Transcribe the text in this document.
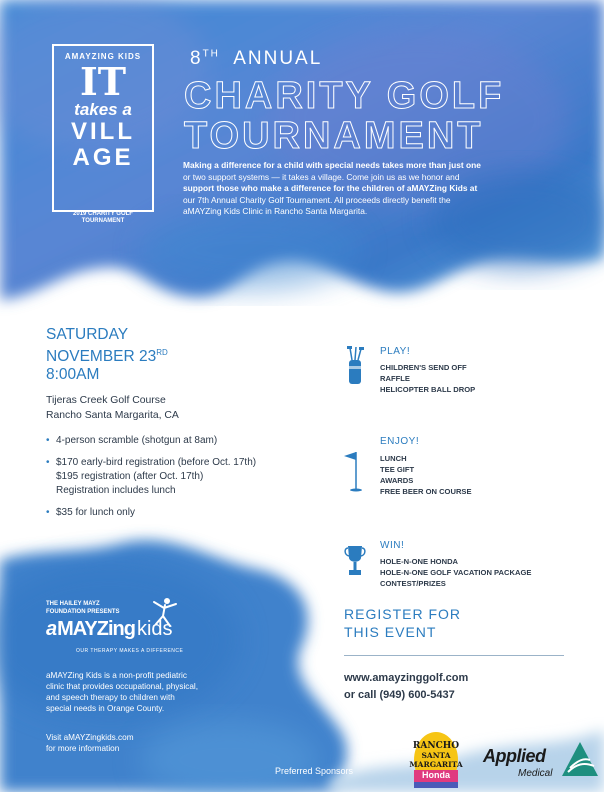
AMAYZING KIDS
IT
takes a
VILL
AGE
2019 CHARITY GOLF
TOURNAMENT
8TH ANNUAL
CHARITY GOLF
TOURNAMENT
Making a difference for a child with special needs takes more than just one
or two support systems — it takes a village. Come join us as we honor and
support those who make a difference for the children of aMAYZing Kids at
our 7th Annual Charity Golf Tournament. All proceeds directly benefit the
aMAYZing Kids Clinic in Rancho Santa Margarita.
SATURDAY
NOVEMBER 23RD
8:00AM
Tijeras Creek Golf Course
Rancho Santa Margarita, CA
• 4-person scramble (shotgun at 8am)
• $170 early-bird registration (before Oct. 17th)
$195 registration (after Oct. 17th)
Registration includes lunch
• $35 for lunch only
PLAY!
CHILDREN'S SEND OFF
RAFFLE
HELICOPTER BALL DROP
ENJOY!
LUNCH
TEE GIFT
AWARDS
FREE BEER ON COURSE
WIN!
HOLE-N-ONE HONDA
HOLE-N-ONE GOLF VACATION PACKAGE
CONTEST/PRIZES
REGISTER FOR
THIS EVENT
www.amayzinggolf.com
or call (949) 600-5437
THE HAILEY MAYZ
FOUNDATION PRESENTS
aMAYZing kids
OUR THERAPY MAKES A DIFFERENCE
aMAYZing Kids is a non-profit pediatric
clinic that provides occupational, physical,
and speech therapy to children with
special needs in Orange County.
Visit aMAYZingkids.com
for more information
Preferred Sponsors
RANCHO
SANTA MARGARITA
Honda
Applied
Medical
